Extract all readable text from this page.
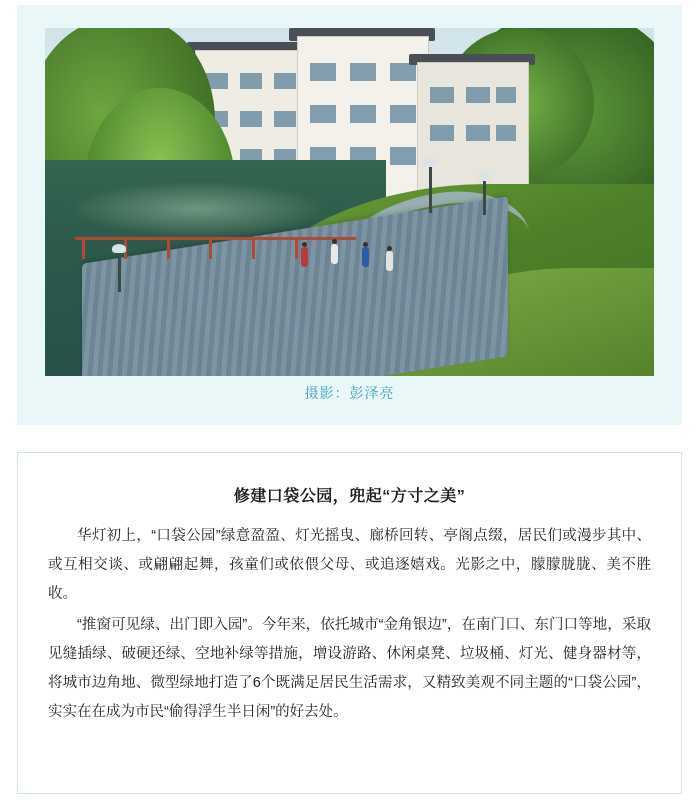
摄影：彭泽亮
修建口袋公园，兜起“方寸之美”

华灯初上，“口袋公园”绿意盈盈、灯光摇曳、廊桥回转、亭阁点缀，居民们或漫步其中、或互相交谈、或翩翩起舞，孩童们或依偎父母、或追逐嬉戏。光影之中，朦朦胧胧、美不胜收。

“推窗可见绿、出门即入园”。今年来，依托城市“金角银边”，在南门口、东门口等地，采取见缝插绿、破硬还绿、空地补绿等措施，增设游路、休闲桌凳、垃圾桶、灯光、健身器材等，将城市边角地、微型绿地打造了6个既满足居民生活需求，又精致美观不同主题的“口袋公园”，实实在在成为市民“偷得浮生半日闲”的好去处。
